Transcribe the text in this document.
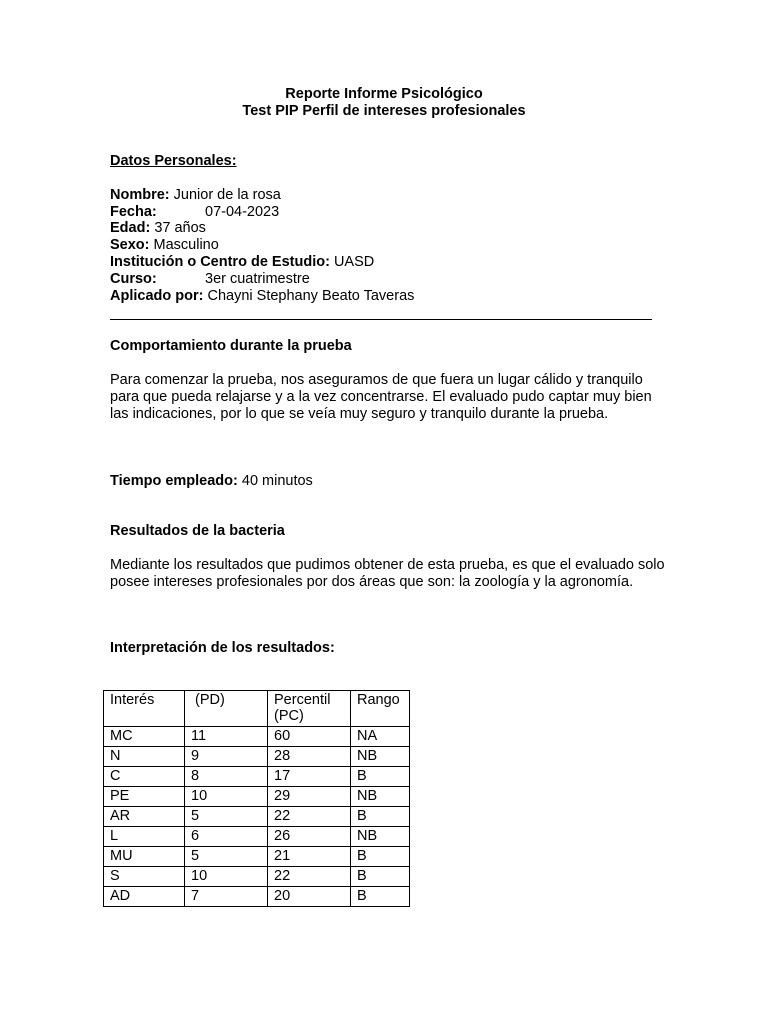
Reporte Informe Psicológico
Test PIP Perfil de intereses profesionales
Datos Personales:
Nombre: Junior de la rosa
Fecha:	07-04-2023
Edad: 37 años
Sexo: Masculino
Institución o Centro de Estudio: UASD
Curso:	3er cuatrimestre
Aplicado por: Chayni Stephany Beato Taveras
Comportamiento durante la prueba
Para comenzar la prueba, nos aseguramos de que fuera un lugar cálido y tranquilo para que pueda relajarse y a la vez concentrarse. El evaluado pudo captar muy bien las indicaciones, por lo que se veía muy seguro y tranquilo durante la prueba.
Tiempo empleado: 40 minutos
Resultados de la bacteria
Mediante los resultados que pudimos obtener de esta prueba, es que el evaluado solo posee intereses profesionales por dos áreas que son: la zoología y la agronomía.
Interpretación de los resultados:
Interés	(PD)	Percentil (PC)	Rango
MC	11	60	NA
N	9	28	NB
C	8	17	B
PE	10	29	NB
AR	5	22	B
L	6	26	NB
MU	5	21	B
S	10	22	B
AD	7	20	B
